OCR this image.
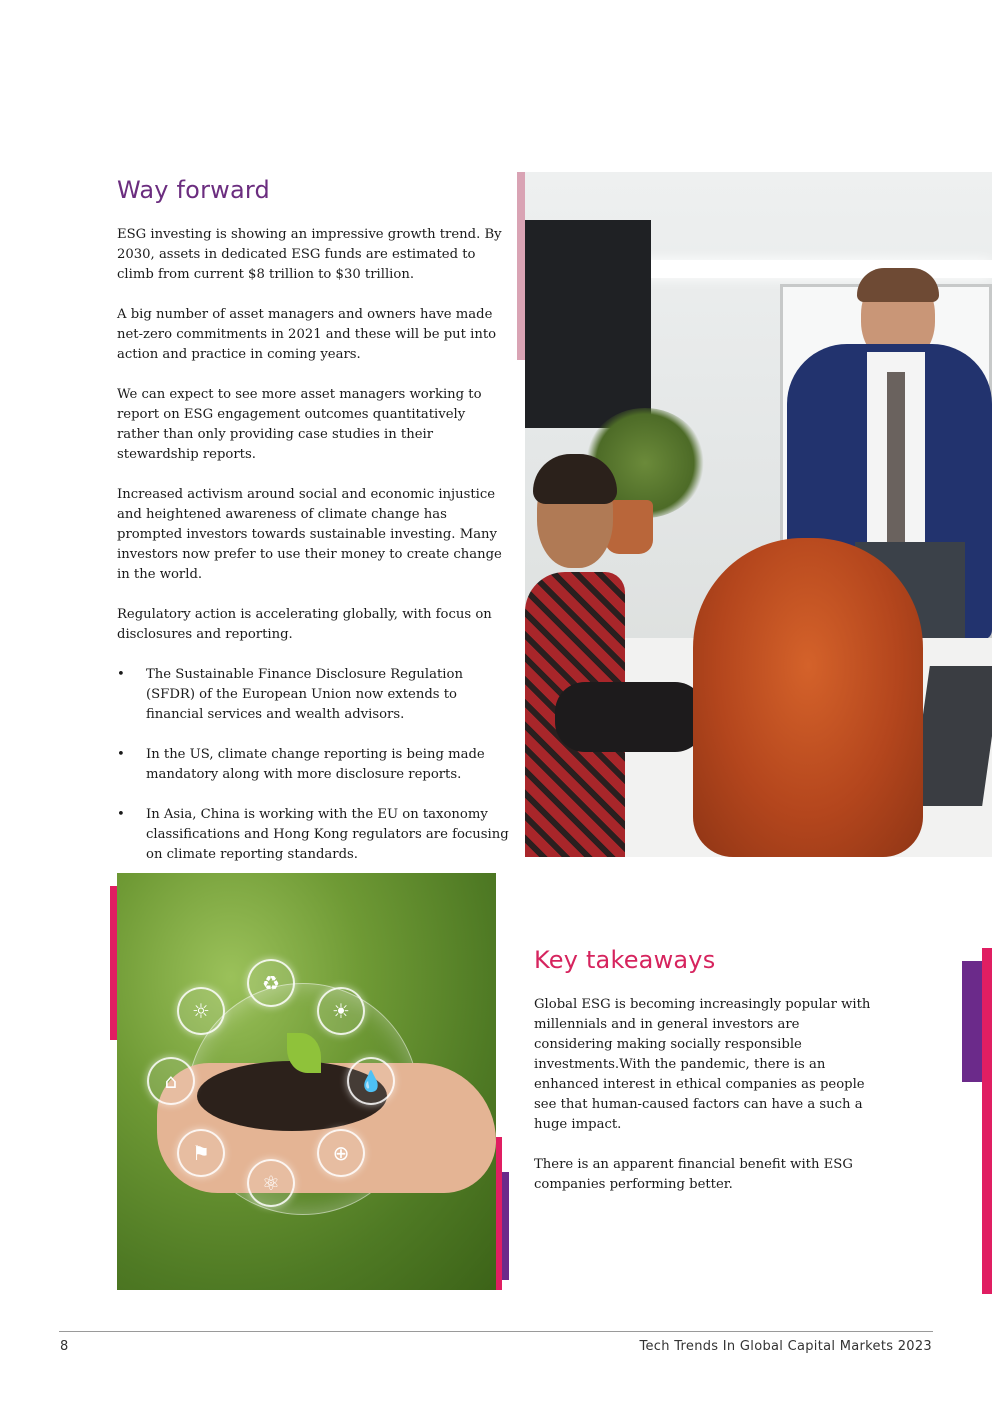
Way forward

ESG investing is showing an impressive growth trend. By 2030, assets in dedicated ESG funds are estimated to climb from current $8 trillion to $30 trillion.

A big number of asset managers and owners have made net-zero commitments in 2021 and these will be put into action and practice in coming years.

We can expect to see more asset managers working to report on ESG engagement outcomes quantitatively rather than only providing case studies in their stewardship reports.

Increased activism around social and economic injustice and heightened awareness of climate change has prompted investors towards sustainable investing. Many investors now prefer to use their money to create change in the world.

Regulatory action is accelerating globally, with focus on disclosures and reporting.

• The Sustainable Finance Disclosure Regulation (SFDR) of the European Union now extends to financial services and wealth advisors.
• In the US, climate change reporting is being made mandatory along with more disclosure reports.
• In Asia, China is working with the EU on taxonomy classifications and Hong Kong regulators are focusing on climate reporting standards.
♻
☼	☀
⌂	💧
⚑
⚛
⊕
Key takeaways

Global ESG is becoming increasingly popular with millennials and in general investors are considering making socially responsible investments.With the pandemic, there is an enhanced interest in ethical companies as people see that human-caused factors can have a such a huge impact.

There is an apparent financial benefit with ESG companies performing better.

8	Tech Trends In Global Capital Markets 2023
